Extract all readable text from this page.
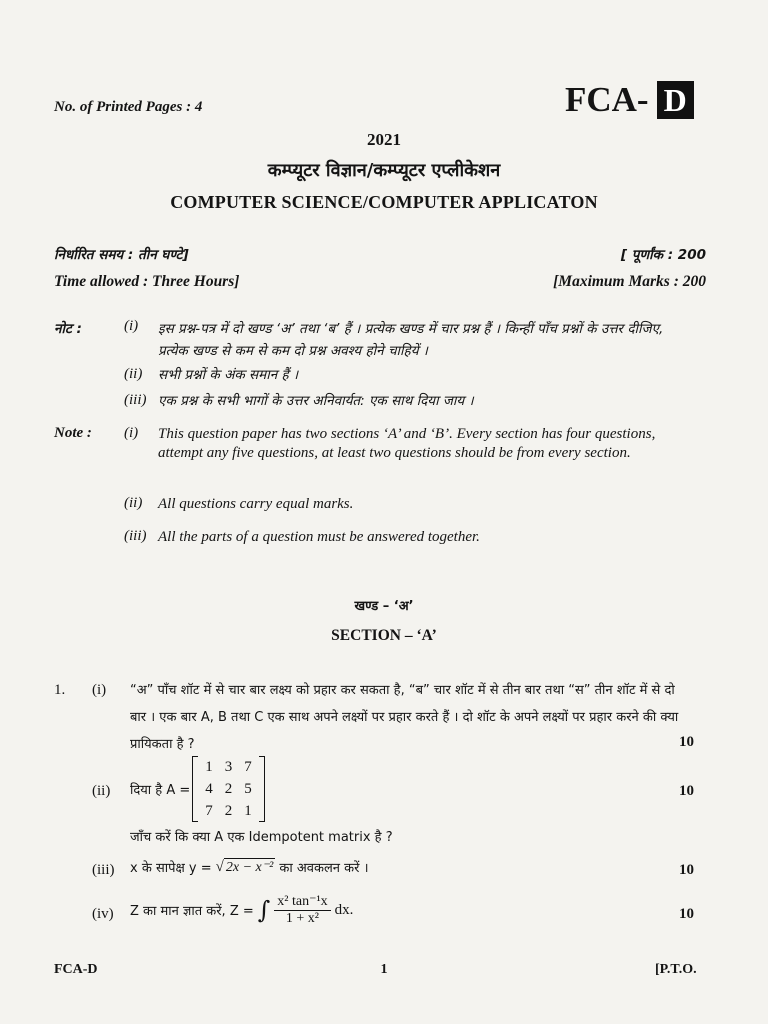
No. of Printed Pages : 4	FCA- D
2021
कम्प्यूटर विज्ञान/कम्प्यूटर एप्लीकेशन
COMPUTER SCIENCE/COMPUTER APPLICATON
निर्धारित समय : तीन घण्टे]	[ पूर्णांक : 200
Time allowed : Three Hours]	[Maximum Marks : 200
नोट :	(i) इस प्रश्न-पत्र में दो खण्ड ‘अ’ तथा ‘ब’ हैं । प्रत्येक खण्ड में चार प्रश्न हैं । किन्हीं पाँच प्रश्नों के उत्तर दीजिए, प्रत्येक खण्ड से कम से कम दो प्रश्न अवश्य होने चाहियें ।
(ii) सभी प्रश्नों के अंक समान हैं ।
(iii) एक प्रश्न के सभी भागों के उत्तर अनिवार्यत: एक साथ दिया जाय ।
Note : (i) This question paper has two sections ‘A’ and ‘B’. Every section has four questions, attempt any five questions, at least two questions should be from every section.
(ii) All questions carry equal marks.
(iii) All the parts of a question must be answered together.
खण्ड – ‘अ’
SECTION – ‘A’
1. (i) “अ” पाँच शॉट में से चार बार लक्ष्य को प्रहार कर सकता है, “ब” चार शॉट में से तीन बार तथा “स” तीन शॉट में से दो बार । एक बार A, B तथा C एक साथ अपने लक्ष्यों पर प्रहार करते हैं । दो शॉट के अपने लक्ष्यों पर प्रहार करने की क्या प्रायिकता है ?	10
(ii) दिया है A =
1	3	7
4	2	5
7	2	1
10
जाँच करें कि क्या A एक Idempotent matrix है ?
(iii) x के सापेक्ष y = √ 2x − x⁻² का अवकलन करें ।	10
(iv) Z का मान ज्ञात करें, Z = ∫ $\frac{\text{x² tan⁻¹x}}{\text{1 + x²}}$ dx.	10
FCA-D	1	[P.T.O.
